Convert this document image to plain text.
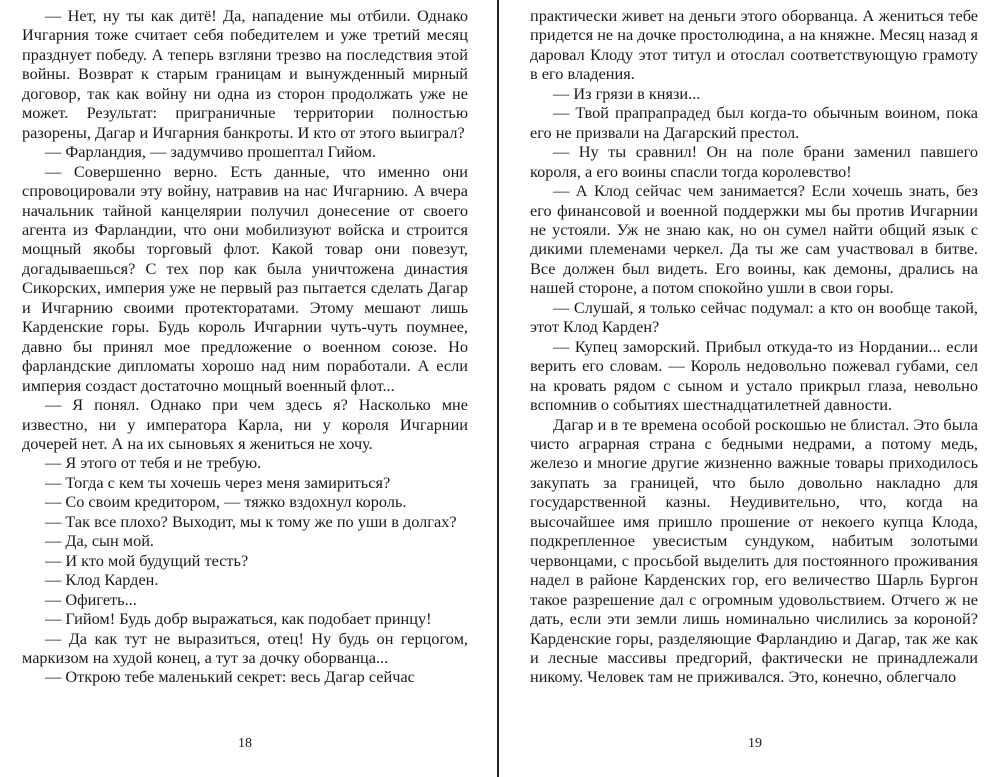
— Нет, ну ты как дитё! Да, нападение мы отбили. Однако Ичгарния тоже считает себя победителем и уже третий месяц празднует победу. А теперь взгляни трезво на последствия этой войны. Возврат к старым границам и вынужденный мирный договор, так как войну ни одна из сторон продолжать уже не может. Результат: приграничные территории полностью разорены, Дагар и Ичгарния банкроты. И кто от этого выиграл?

— Фарландия, — задумчиво прошептал Гийом.

— Совершенно верно. Есть данные, что именно они спровоцировали эту войну, натравив на нас Ичгарнию. А вчера начальник тайной канцелярии получил донесение от своего агента из Фарландии, что они мобилизуют войска и строится мощный якобы торговый флот. Какой товар они повезут, догадываешься? С тех пор как была уничтожена династия Сикорских, империя уже не первый раз пытается сделать Дагар и Ичгарнию своими протекторатами. Этому мешают лишь Карденские горы. Будь король Ичгарнии чуть-чуть поумнее, давно бы принял мое предложение о военном союзе. Но фарландские дипломаты хорошо над ним поработали. А если империя создаст достаточно мощный военный флот...

— Я понял. Однако при чем здесь я? Насколько мне известно, ни у императора Карла, ни у короля Ичгарнии дочерей нет. А на их сыновьях я жениться не хочу.

— Я этого от тебя и не требую.

— Тогда с кем ты хочешь через меня замириться?

— Со своим кредитором, — тяжко вздохнул король.

— Так все плохо? Выходит, мы к тому же по уши в долгах?

— Да, сын мой.

— И кто мой будущий тесть?

— Клод Карден.

— Офигеть...

— Гийом! Будь добр выражаться, как подобает принцу!

— Да как тут не выразиться, отец! Ну будь он герцогом, маркизом на худой конец, а тут за дочку оборванца...

— Открою тебе маленький секрет: весь Дагар сейчас

18

практически живет на деньги этого оборванца. А жениться тебе придется не на дочке простолюдина, а на княжне. Месяц назад я даровал Клоду этот титул и отослал соответствующую грамоту в его владения.

— Из грязи в князи...

— Твой прапрапрадед был когда-то обычным воином, пока его не призвали на Дагарский престол.

— Ну ты сравнил! Он на поле брани заменил павшего короля, а его воины спасли тогда королевство!

— А Клод сейчас чем занимается? Если хочешь знать, без его финансовой и военной поддержки мы бы против Ичгарнии не устояли. Уж не знаю как, но он сумел найти общий язык с дикими племенами черкел. Да ты же сам участвовал в битве. Все должен был видеть. Его воины, как демоны, дрались на нашей стороне, а потом спокойно ушли в свои горы.

— Слушай, я только сейчас подумал: а кто он вообще такой, этот Клод Карден?

— Купец заморский. Прибыл откуда-то из Нордании... если верить его словам. — Король недовольно пожевал губами, сел на кровать рядом с сыном и устало прикрыл глаза, невольно вспомнив о событиях шестнадцатилетней давности.

Дагар и в те времена особой роскошью не блистал. Это была чисто аграрная страна с бедными недрами, а потому медь, железо и многие другие жизненно важные товары приходилось закупать за границей, что было довольно накладно для государственной казны. Неудивительно, что, когда на высочайшее имя пришло прошение от некоего купца Клода, подкрепленное увесистым сундуком, набитым золотыми червонцами, с просьбой выделить для постоянного проживания надел в районе Карденских гор, его величество Шарль Бургон такое разрешение дал с огромным удовольствием. Отчего ж не дать, если эти земли лишь номинально числились за короной? Карденские горы, разделяющие Фарландию и Дагар, так же как и лесные массивы предгорий, фактически не принадлежали никому. Человек там не приживался. Это, конечно, облегчало

19
